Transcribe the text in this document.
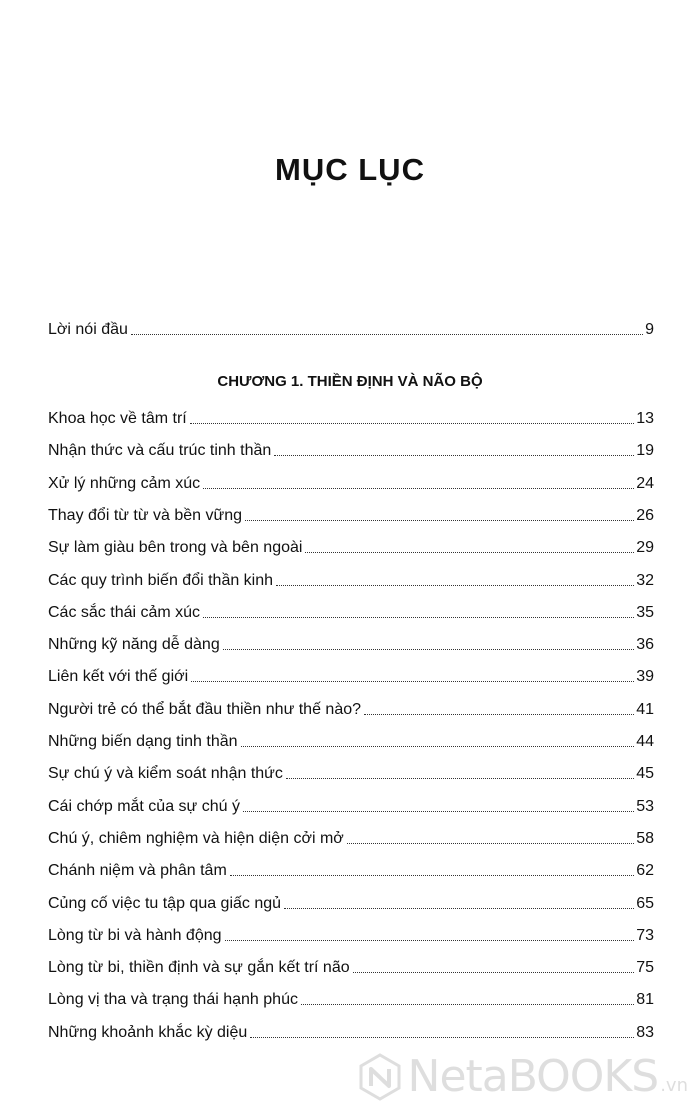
MỤC LỤC
Lời nói đầu	9
CHƯƠNG 1. THIỀN ĐỊNH VÀ NÃO BỘ
Khoa học về tâm trí	13
Nhận thức và cấu trúc tinh thần	19
Xử lý những cảm xúc	24
Thay đổi từ từ và bền vững	26
Sự làm giàu bên trong và bên ngoài	29
Các quy trình biến đổi thần kinh	32
Các sắc thái cảm xúc	35
Những kỹ năng dễ dàng	36
Liên kết với thế giới	39
Người trẻ có thể bắt đầu thiền như thế nào?	41
Những biến dạng tinh thần	44
Sự chú ý và kiểm soát nhận thức	45
Cái chớp mắt của sự chú ý	53
Chú ý, chiêm nghiệm và hiện diện cởi mở	58
Chánh niệm và phân tâm	62
Củng cố việc tu tập qua giấc ngủ	65
Lòng từ bi và hành động	73
Lòng từ bi, thiền định và sự gắn kết trí não	75
Lòng vị tha và trạng thái hạnh phúc	81
Những khoảnh khắc kỳ diệu	83
NetaBOOKS .vn
